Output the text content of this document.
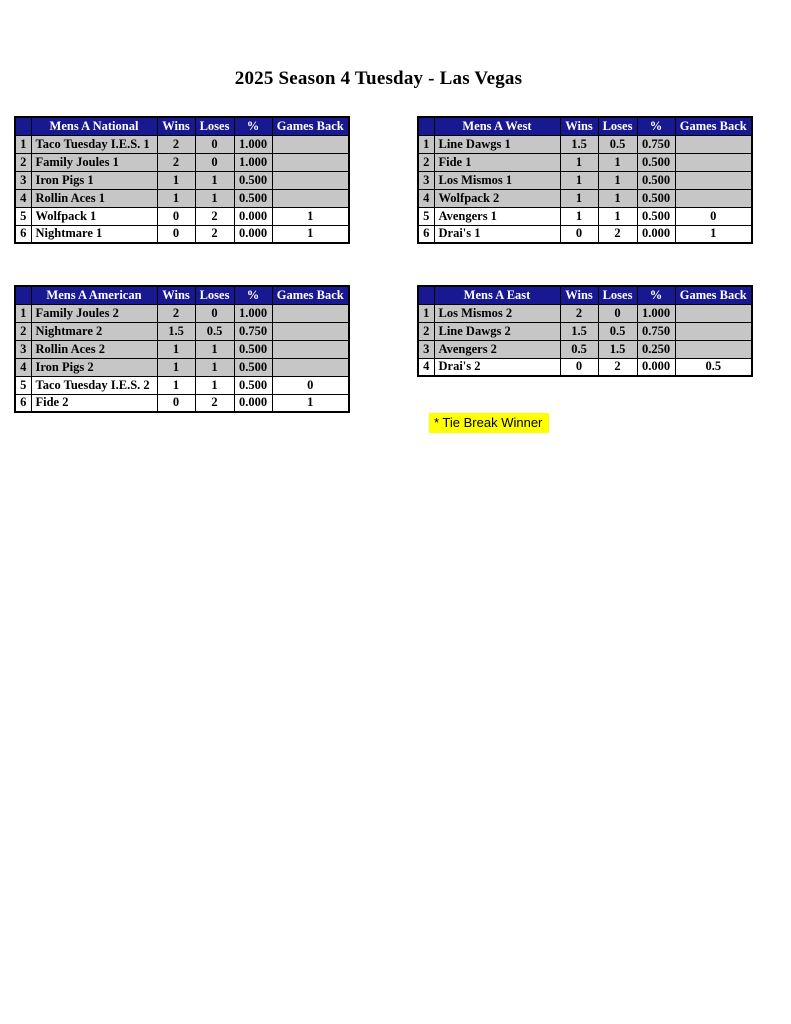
2025 Season 4 Tuesday - Las Vegas
	Mens A National	Wins	Loses	%	Games Back
1	Taco Tuesday I.E.S. 1	2	0	1.000	
2	Family Joules 1	2	0	1.000	
3	Iron Pigs 1	1	1	0.500	
4	Rollin Aces 1	1	1	0.500	
5	Wolfpack 1	0	2	0.000	1
6	Nightmare 1	0	2	0.000	1
	Mens A West	Wins	Loses	%	Games Back
1	Line Dawgs 1	1.5	0.5	0.750	
2	Fide 1	1	1	0.500	
3	Los Mismos 1	1	1	0.500	
4	Wolfpack 2	1	1	0.500	
5	Avengers 1	1	1	0.500	0
6	Drai's 1	0	2	0.000	1
	Mens A American	Wins	Loses	%	Games Back
1	Family Joules 2	2	0	1.000	
2	Nightmare 2	1.5	0.5	0.750	
3	Rollin Aces 2	1	1	0.500	
4	Iron Pigs 2	1	1	0.500	
5	Taco Tuesday I.E.S. 2	1	1	0.500	0
6	Fide 2	0	2	0.000	1
	Mens A East	Wins	Loses	%	Games Back
1	Los Mismos 2	2	0	1.000	
2	Line Dawgs 2	1.5	0.5	0.750	
3	Avengers 2	0.5	1.5	0.250	
4	Drai's 2	0	2	0.000	0.5
* Tie Break Winner
